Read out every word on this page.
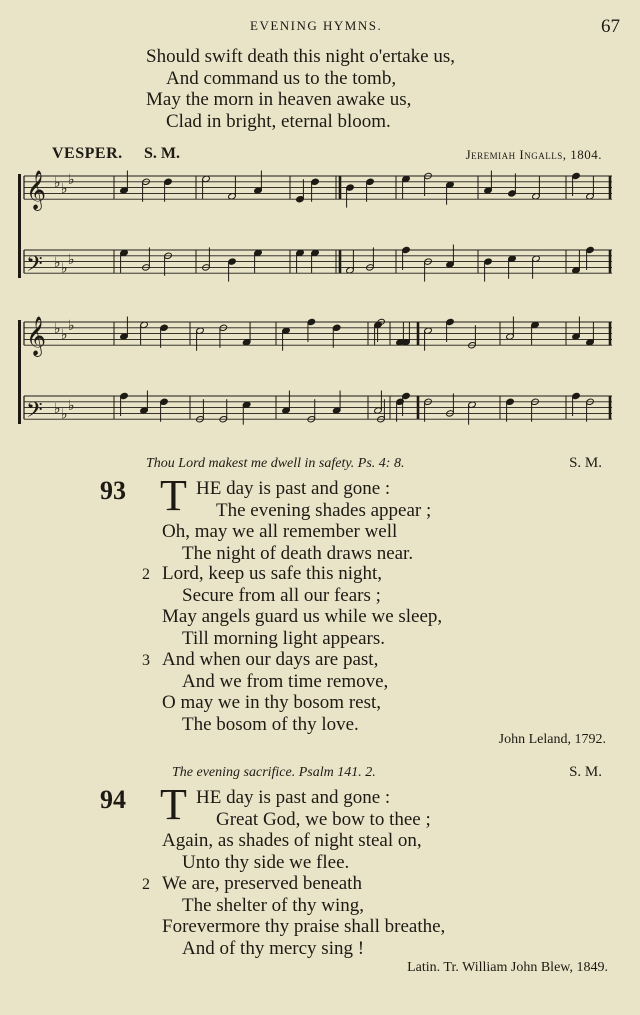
EVENING HYMNS.	67
Should swift death this night o'ertake us,
And command us to the tomb,
May the morn in heaven awake us,
Clad in bright, eternal bloom.
VESPER. S. M.	Jeremiah Ingalls, 1804.
𝄞 ♭ ♭
♭
𝄢 ♭ ♭
♭
𝄞 ♭ ♭
♭
𝄢 ♭ ♭
♭
Thou Lord makest me dwell in safety. Ps. 4: 8.	S. M.
93 T HE day is past and gone :
The evening shades appear ;
Oh, may we all remember well
The night of death draws near.
2 Lord, keep us safe this night,
Secure from all our fears ;
May angels guard us while we sleep,
Till morning light appears.
3 And when our days are past,
And we from time remove,
O may we in thy bosom rest,
The bosom of thy love.
John Leland, 1792.
The evening sacrifice. Psalm 141. 2.	S. M.
94 T HE day is past and gone :
Great God, we bow to thee ;
Again, as shades of night steal on,
Unto thy side we flee.
2 We are, preserved beneath
The shelter of thy wing,
Forevermore thy praise shall breathe,
And of thy mercy sing !
Latin. Tr. William John Blew, 1849.
